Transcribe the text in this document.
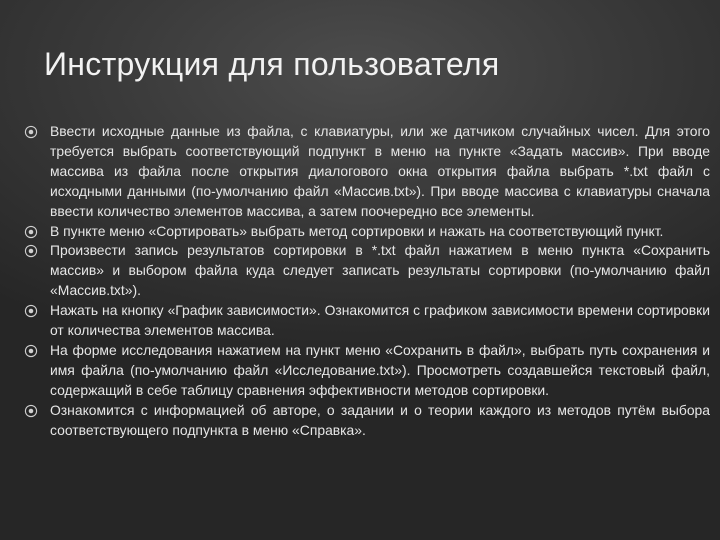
Инструкция для пользователя
Ввести исходные данные из файла, с клавиатуры, или же датчиком случайных чисел. Для этого требуется выбрать соответствующий подпункт в меню на пункте «Задать массив». При вводе массива из файла после открытия диалогового окна открытия файла выбрать *.txt файл с исходными данными (по-умолчанию файл «Массив.txt»). При вводе массива с клавиатуры сначала ввести количество элементов массива, а затем поочередно все элементы.
В пункте меню «Сортировать» выбрать метод сортировки и нажать на соответствующий пункт.
Произвести запись результатов сортировки в *.txt файл нажатием в меню пункта «Сохранить массив» и выбором файла куда следует записать результаты сортировки (по-умолчанию файл «Массив.txt»).
Нажать на кнопку «График зависимости». Ознакомится с графиком зависимости времени сортировки от количества элементов массива.
На форме исследования нажатием на пункт меню «Сохранить в файл», выбрать путь сохранения и имя файла (по-умолчанию файл «Исследование.txt»). Просмотреть создавшейся текстовый файл, содержащий в себе таблицу сравнения эффективности методов сортировки.
Ознакомится с информацией об авторе, о задании и о теории каждого из методов путём выбора соответствующего подпункта в меню «Справка».
